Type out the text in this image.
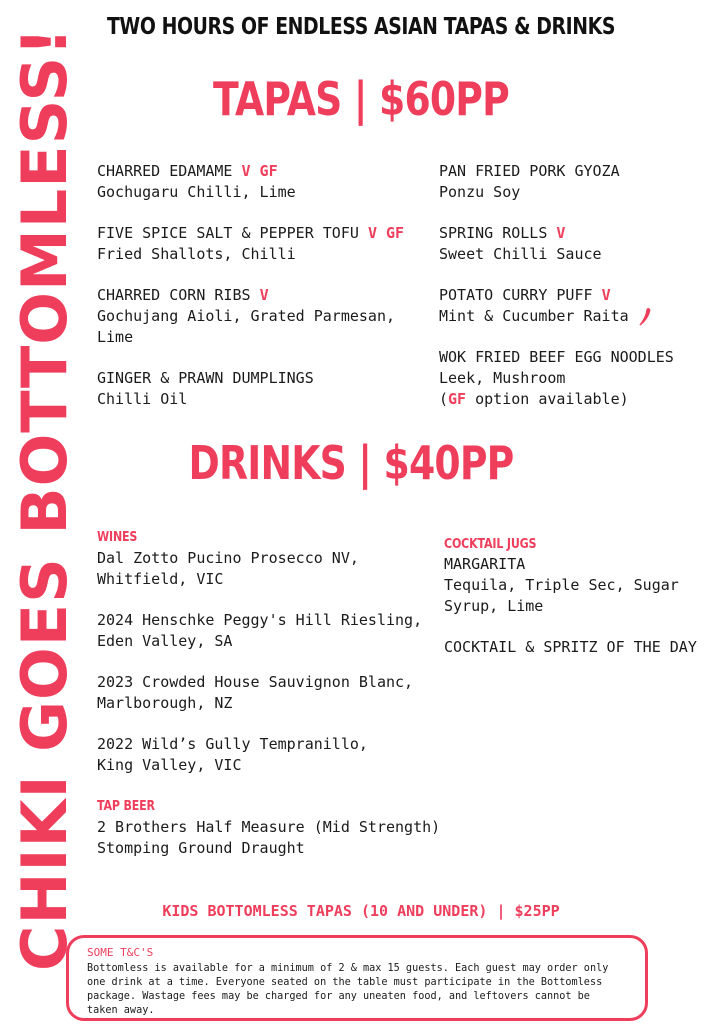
TWO HOURS OF ENDLESS ASIAN TAPAS & DRINKS
CHIKI GOES BOTTOMLESS!	TAPAS | $60PP
CHARRED EDAMAME V GF
Gochugaru Chilli, Lime
FIVE SPICE SALT & PEPPER TOFU V GF
Fried Shallots, Chilli
CHARRED CORN RIBS V
Gochujang Aioli, Grated Parmesan,
Lime
GINGER & PRAWN DUMPLINGS
Chilli Oil
PAN FRIED PORK GYOZA
Ponzu Soy
SPRING ROLLS V
Sweet Chilli Sauce
POTATO CURRY PUFF V
Mint & Cucumber Raita
WOK FRIED BEEF EGG NOODLES
Leek, Mushroom
(GF option available)
DRINKS | $40PP
WINES
Dal Zotto Pucino Prosecco NV,
Whitfield, VIC
2024 Henschke Peggy's Hill Riesling,
Eden Valley, SA
2023 Crowded House Sauvignon Blanc,
Marlborough, NZ
2022 Wild’s Gully Tempranillo,
King Valley, VIC
TAP BEER
2 Brothers Half Measure (Mid Strength)
Stomping Ground Draught
COCKTAIL JUGS
MARGARITA
Tequila, Triple Sec, Sugar
Syrup, Lime
COCKTAIL & SPRITZ OF THE DAY
KIDS BOTTOMLESS TAPAS (10 AND UNDER) | $25PP
SOME T&C'S
Bottomless is available for a minimum of 2 & max 15 guests. Each guest may order only
one drink at a time. Everyone seated on the table must participate in the Bottomless
package. Wastage fees may be charged for any uneaten food, and leftovers cannot be
taken away.
